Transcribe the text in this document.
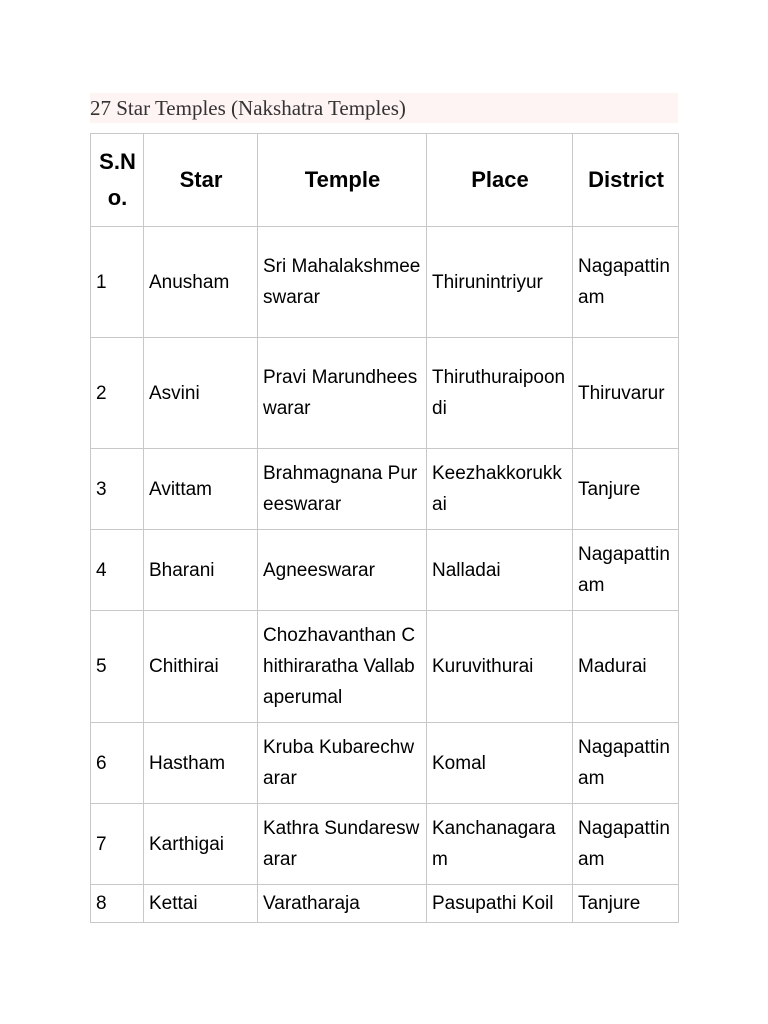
27 Star Temples (Nakshatra Temples)
S.No.	Star	Temple	Place	District
1	Anusham	Sri Mahalakshmeeswarar	Thirunintriyur	Nagapattinam
2	Asvini	Pravi Marundheeswarar	Thiruthuraipoondi	Thiruvarur
3	Avittam	Brahmagnana Pureeswarar	Keezhakkorukkai	Tanjure
4	Bharani	Agneeswarar	Nalladai	Nagapattinam
5	Chithirai	Chozhavanthan Chithiraratha Vallabaperumal	Kuruvithurai	Madurai
6	Hastham	Kruba Kubarechwarar	Komal	Nagapattinam
7	Karthigai	Kathra Sundareswarar	Kanchanagaram	Nagapattinam
8	Kettai	Varatharaja	Pasupathi Koil	Tanjure
